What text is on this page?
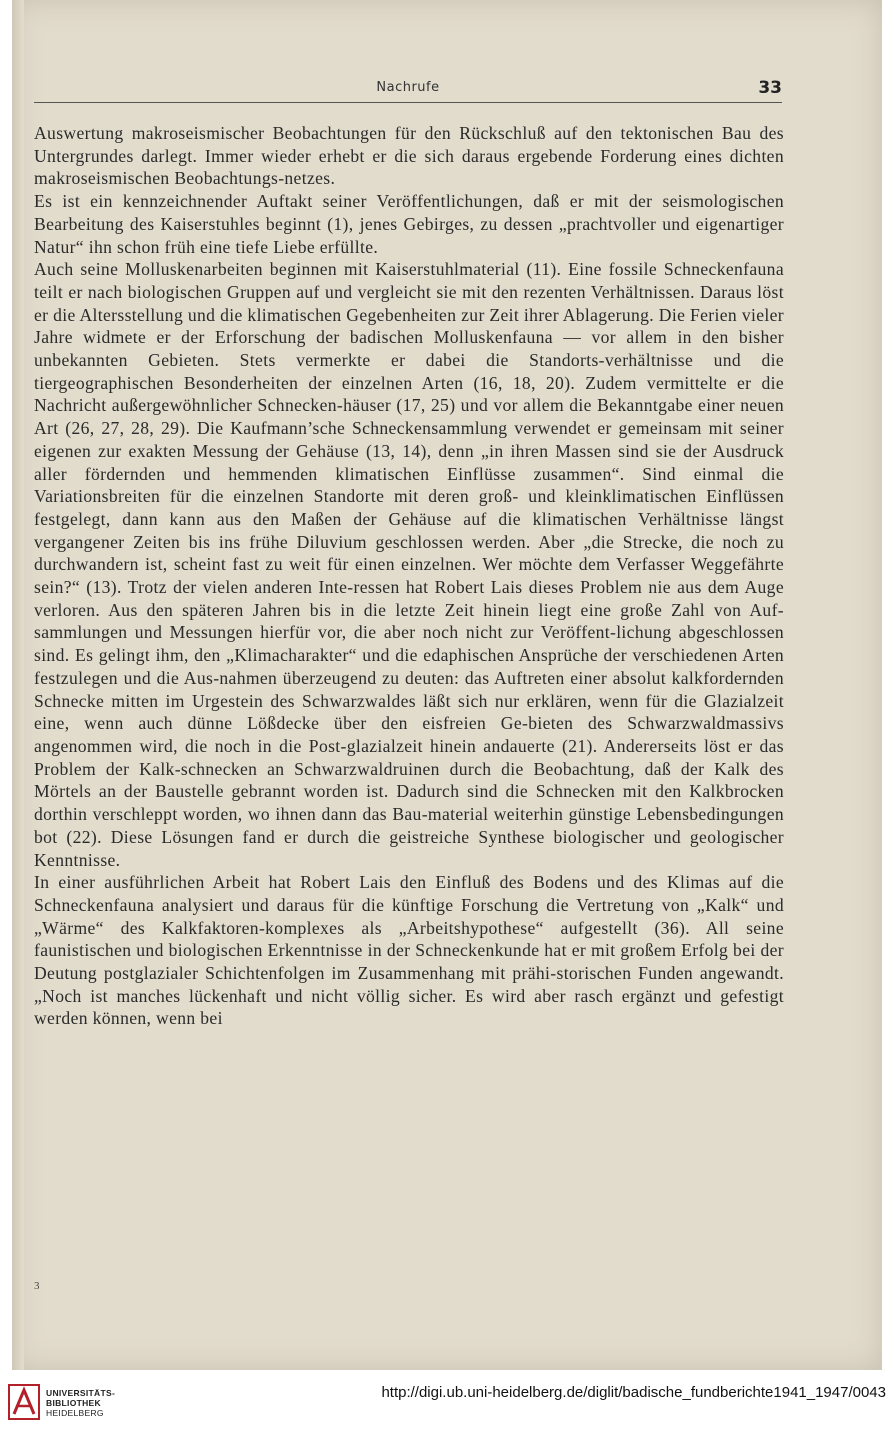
Nachrufe	33

Auswertung makroseismischer Beobachtungen für den Rückschluß auf den tektonischen Bau des Untergrundes darlegt. Immer wieder erhebt er die sich daraus ergebende Forderung eines dichten makroseismischen Beobachtungs-netzes.

Es ist ein kennzeichnender Auftakt seiner Veröffentlichungen, daß er mit der seismologischen Bearbeitung des Kaiserstuhles beginnt (1), jenes Gebirges, zu dessen „prachtvoller und eigenartiger Natur“ ihn schon früh eine tiefe Liebe erfüllte.

Auch seine Molluskenarbeiten beginnen mit Kaiserstuhlmaterial (11). Eine fossile Schneckenfauna teilt er nach biologischen Gruppen auf und vergleicht sie mit den rezenten Verhältnissen. Daraus löst er die Altersstellung und die klimatischen Gegebenheiten zur Zeit ihrer Ablagerung. Die Ferien vieler Jahre widmete er der Erforschung der badischen Molluskenfauna — vor allem in den bisher unbekannten Gebieten. Stets vermerkte er dabei die Standorts-verhältnisse und die tiergeographischen Besonderheiten der einzelnen Arten (16, 18, 20). Zudem vermittelte er die Nachricht außergewöhnlicher Schnecken-häuser (17, 25) und vor allem die Bekanntgabe einer neuen Art (26, 27, 28, 29). Die Kaufmann’sche Schneckensammlung verwendet er gemeinsam mit seiner eigenen zur exakten Messung der Gehäuse (13, 14), denn „in ihren Massen sind sie der Ausdruck aller fördernden und hemmenden klimatischen Einflüsse zusammen“. Sind einmal die Variationsbreiten für die einzelnen Standorte mit deren groß- und kleinklimatischen Einflüssen festgelegt, dann kann aus den Maßen der Gehäuse auf die klimatischen Verhältnisse längst vergangener Zeiten bis ins frühe Diluvium geschlossen werden. Aber „die Strecke, die noch zu durchwandern ist, scheint fast zu weit für einen einzelnen. Wer möchte dem Verfasser Weggefährte sein?“ (13). Trotz der vielen anderen Inte-ressen hat Robert Lais dieses Problem nie aus dem Auge verloren. Aus den späteren Jahren bis in die letzte Zeit hinein liegt eine große Zahl von Auf-sammlungen und Messungen hierfür vor, die aber noch nicht zur Veröffent-lichung abgeschlossen sind. Es gelingt ihm, den „Klimacharakter“ und die edaphischen Ansprüche der verschiedenen Arten festzulegen und die Aus-nahmen überzeugend zu deuten: das Auftreten einer absolut kalkfordernden Schnecke mitten im Urgestein des Schwarzwaldes läßt sich nur erklären, wenn für die Glazialzeit eine, wenn auch dünne Lößdecke über den eisfreien Ge-bieten des Schwarzwaldmassivs angenommen wird, die noch in die Post-glazialzeit hinein andauerte (21). Andererseits löst er das Problem der Kalk-schnecken an Schwarzwaldruinen durch die Beobachtung, daß der Kalk des Mörtels an der Baustelle gebrannt worden ist. Dadurch sind die Schnecken mit den Kalkbrocken dorthin verschleppt worden, wo ihnen dann das Bau-material weiterhin günstige Lebensbedingungen bot (22). Diese Lösungen fand er durch die geistreiche Synthese biologischer und geologischer Kenntnisse.

In einer ausführlichen Arbeit hat Robert Lais den Einfluß des Bodens und des Klimas auf die Schneckenfauna analysiert und daraus für die künftige Forschung die Vertretung von „Kalk“ und „Wärme“ des Kalkfaktoren-komplexes als „Arbeitshypothese“ aufgestellt (36). All seine faunistischen und biologischen Erkenntnisse in der Schneckenkunde hat er mit großem Erfolg bei der Deutung postglazialer Schichtenfolgen im Zusammenhang mit prähi-storischen Funden angewandt. „Noch ist manches lückenhaft und nicht völlig sicher. Es wird aber rasch ergänzt und gefestigt werden können, wenn bei

3
UNIVERSITÄTS-
BIBLIOTHEK
HEIDELBERG
http://digi.ub.uni-heidelberg.de/diglit/badische_fundberichte1941_1947/0043
